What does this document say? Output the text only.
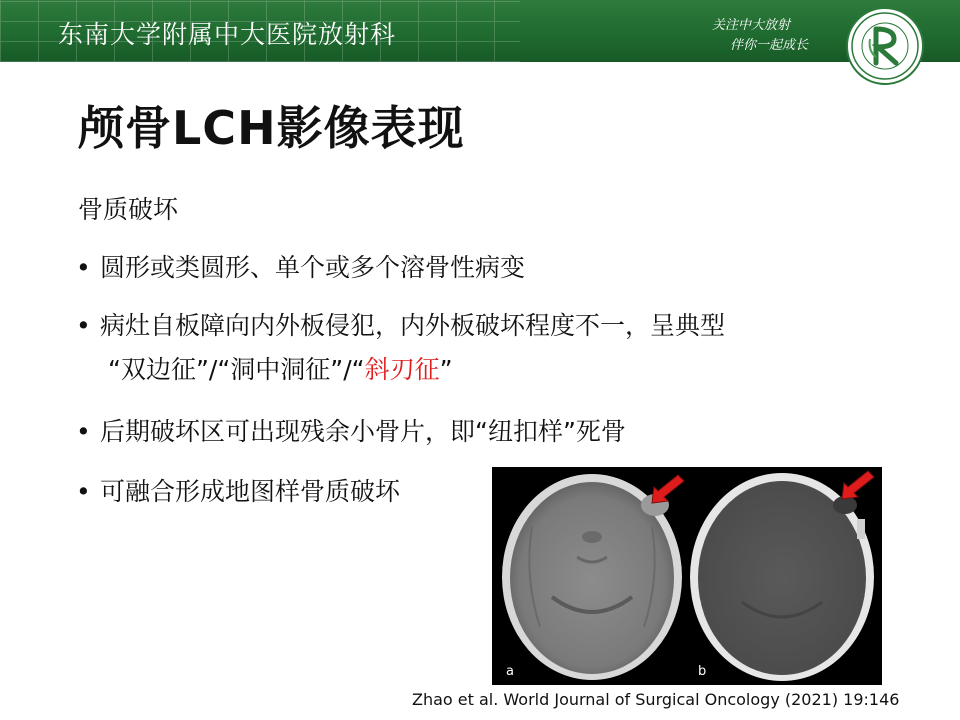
东南大学附属中大医院放射科	关注中大放射
伴你一起成长
颅骨LCH影像表现
骨质破坏
• 圆形或类圆形、单个或多个溶骨性病变
• 病灶自板障向内外板侵犯，内外板破坏程度不一，呈典型
“双边征”/“洞中洞征”/“斜刃征”
• 后期破坏区可出现残余小骨片，即“纽扣样”死骨
• 可融合形成地图样骨质破坏
a	b
Zhao et al. World Journal of Surgical Oncology (2021) 19:146
